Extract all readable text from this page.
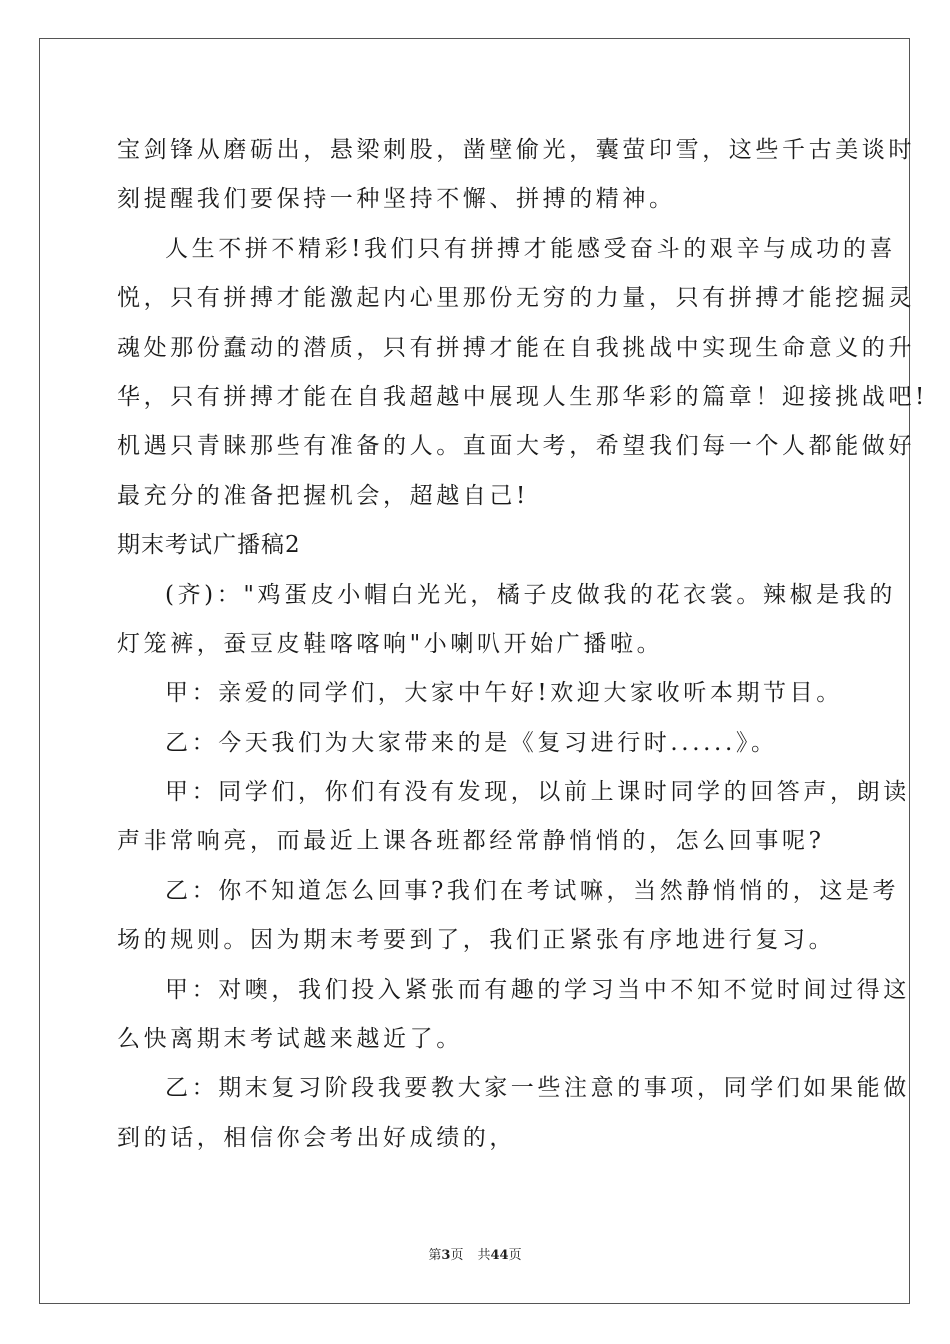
宝剑锋从磨砺出，悬梁刺股，凿壁偷光，囊萤印雪，这些千古美谈时
刻提醒我们要保持一种坚持不懈、拼搏的精神。
人生不拼不精彩!我们只有拼搏才能感受奋斗的艰辛与成功的喜
悦，只有拼搏才能激起内心里那份无穷的力量，只有拼搏才能挖掘灵
魂处那份蠢动的潜质，只有拼搏才能在自我挑战中实现生命意义的升
华，只有拼搏才能在自我超越中展现人生那华彩的篇章！迎接挑战吧!
机遇只青睐那些有准备的人。直面大考，希望我们每一个人都能做好
最充分的准备把握机会，超越自己!
期末考试广播稿2
(齐)："鸡蛋皮小帽白光光，橘子皮做我的花衣裳。辣椒是我的
灯笼裤，蚕豆皮鞋喀喀响"小喇叭开始广播啦。
甲：亲爱的同学们，大家中午好!欢迎大家收听本期节目。
乙：今天我们为大家带来的是《复习进行时......》。
甲：同学们，你们有没有发现，以前上课时同学的回答声，朗读
声非常响亮，而最近上课各班都经常静悄悄的，怎么回事呢?
乙：你不知道怎么回事?我们在考试嘛，当然静悄悄的，这是考
场的规则。因为期末考要到了，我们正紧张有序地进行复习。
甲：对噢，我们投入紧张而有趣的学习当中不知不觉时间过得这
么快离期末考试越来越近了。
乙：期末复习阶段我要教大家一些注意的事项，同学们如果能做
到的话，相信你会考出好成绩的，
第3页 共44页
